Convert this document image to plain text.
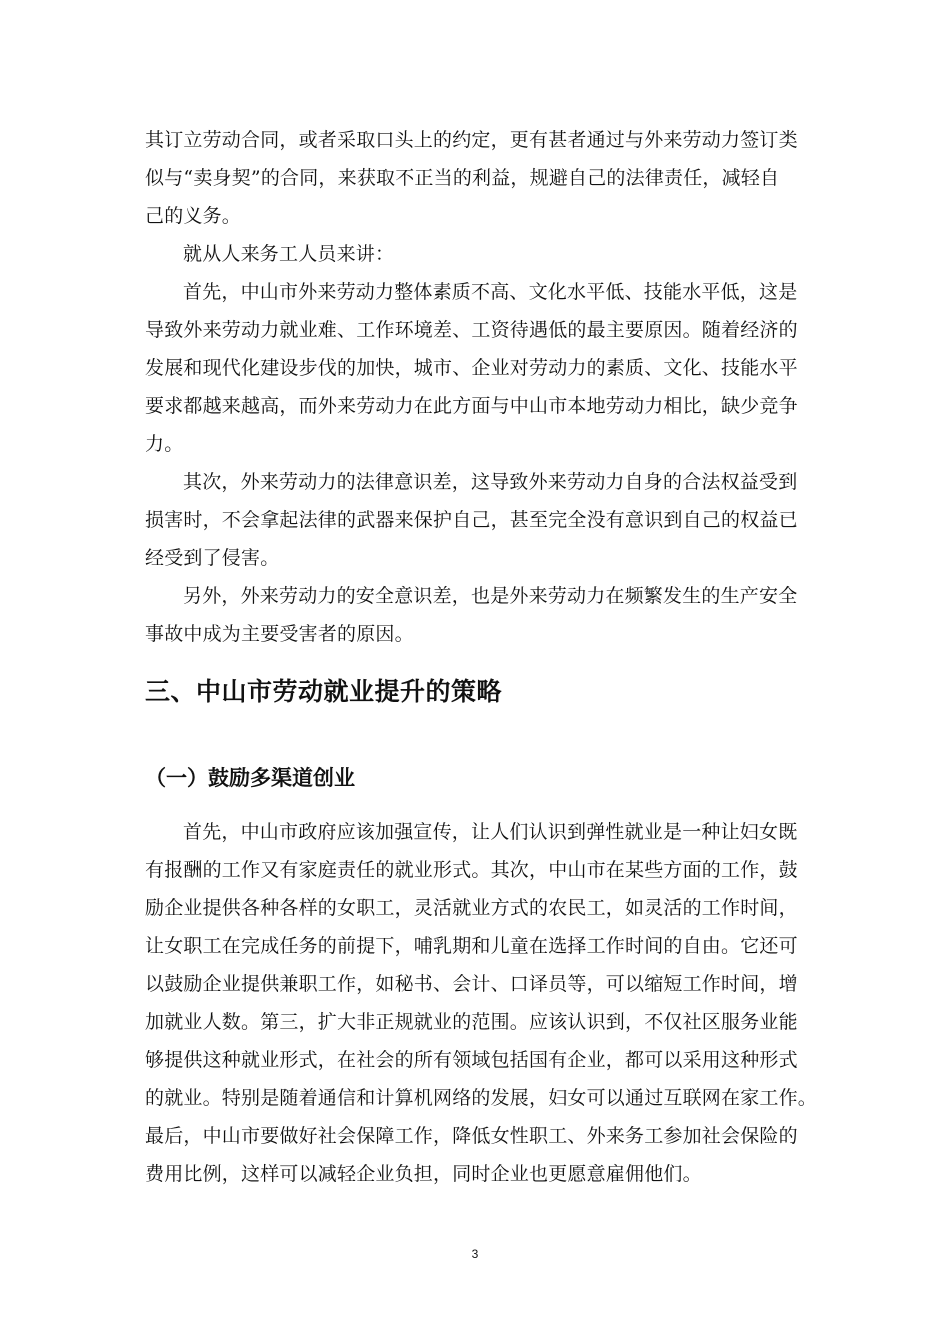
其订立劳动合同，或者采取口头上的约定，更有甚者通过与外来劳动力签订类
似与“卖身契”的合同，来获取不正当的利益，规避自己的法律责任，减轻自
己的义务。
就从人来务工人员来讲：
首先，中山市外来劳动力整体素质不高、文化水平低、技能水平低，这是
导致外来劳动力就业难、工作环境差、工资待遇低的最主要原因。随着经济的
发展和现代化建设步伐的加快，城市、企业对劳动力的素质、文化、技能水平
要求都越来越高，而外来劳动力在此方面与中山市本地劳动力相比，缺少竞争
力。
其次，外来劳动力的法律意识差，这导致外来劳动力自身的合法权益受到
损害时，不会拿起法律的武器来保护自己，甚至完全没有意识到自己的权益已
经受到了侵害。
另外，外来劳动力的安全意识差，也是外来劳动力在频繁发生的生产安全
事故中成为主要受害者的原因。
三、中山市劳动就业提升的策略
（一）鼓励多渠道创业
首先，中山市政府应该加强宣传，让人们认识到弹性就业是一种让妇女既
有报酬的工作又有家庭责任的就业形式。其次，中山市在某些方面的工作，鼓
励企业提供各种各样的女职工，灵活就业方式的农民工，如灵活的工作时间，
让女职工在完成任务的前提下，哺乳期和儿童在选择工作时间的自由。它还可
以鼓励企业提供兼职工作，如秘书、会计、口译员等，可以缩短工作时间，增
加就业人数。第三，扩大非正规就业的范围。应该认识到，不仅社区服务业能
够提供这种就业形式，在社会的所有领域包括国有企业，都可以采用这种形式
的就业。特别是随着通信和计算机网络的发展，妇女可以通过互联网在家工作。
最后，中山市要做好社会保障工作，降低女性职工、外来务工参加社会保险的
费用比例，这样可以减轻企业负担，同时企业也更愿意雇佣他们。
3
